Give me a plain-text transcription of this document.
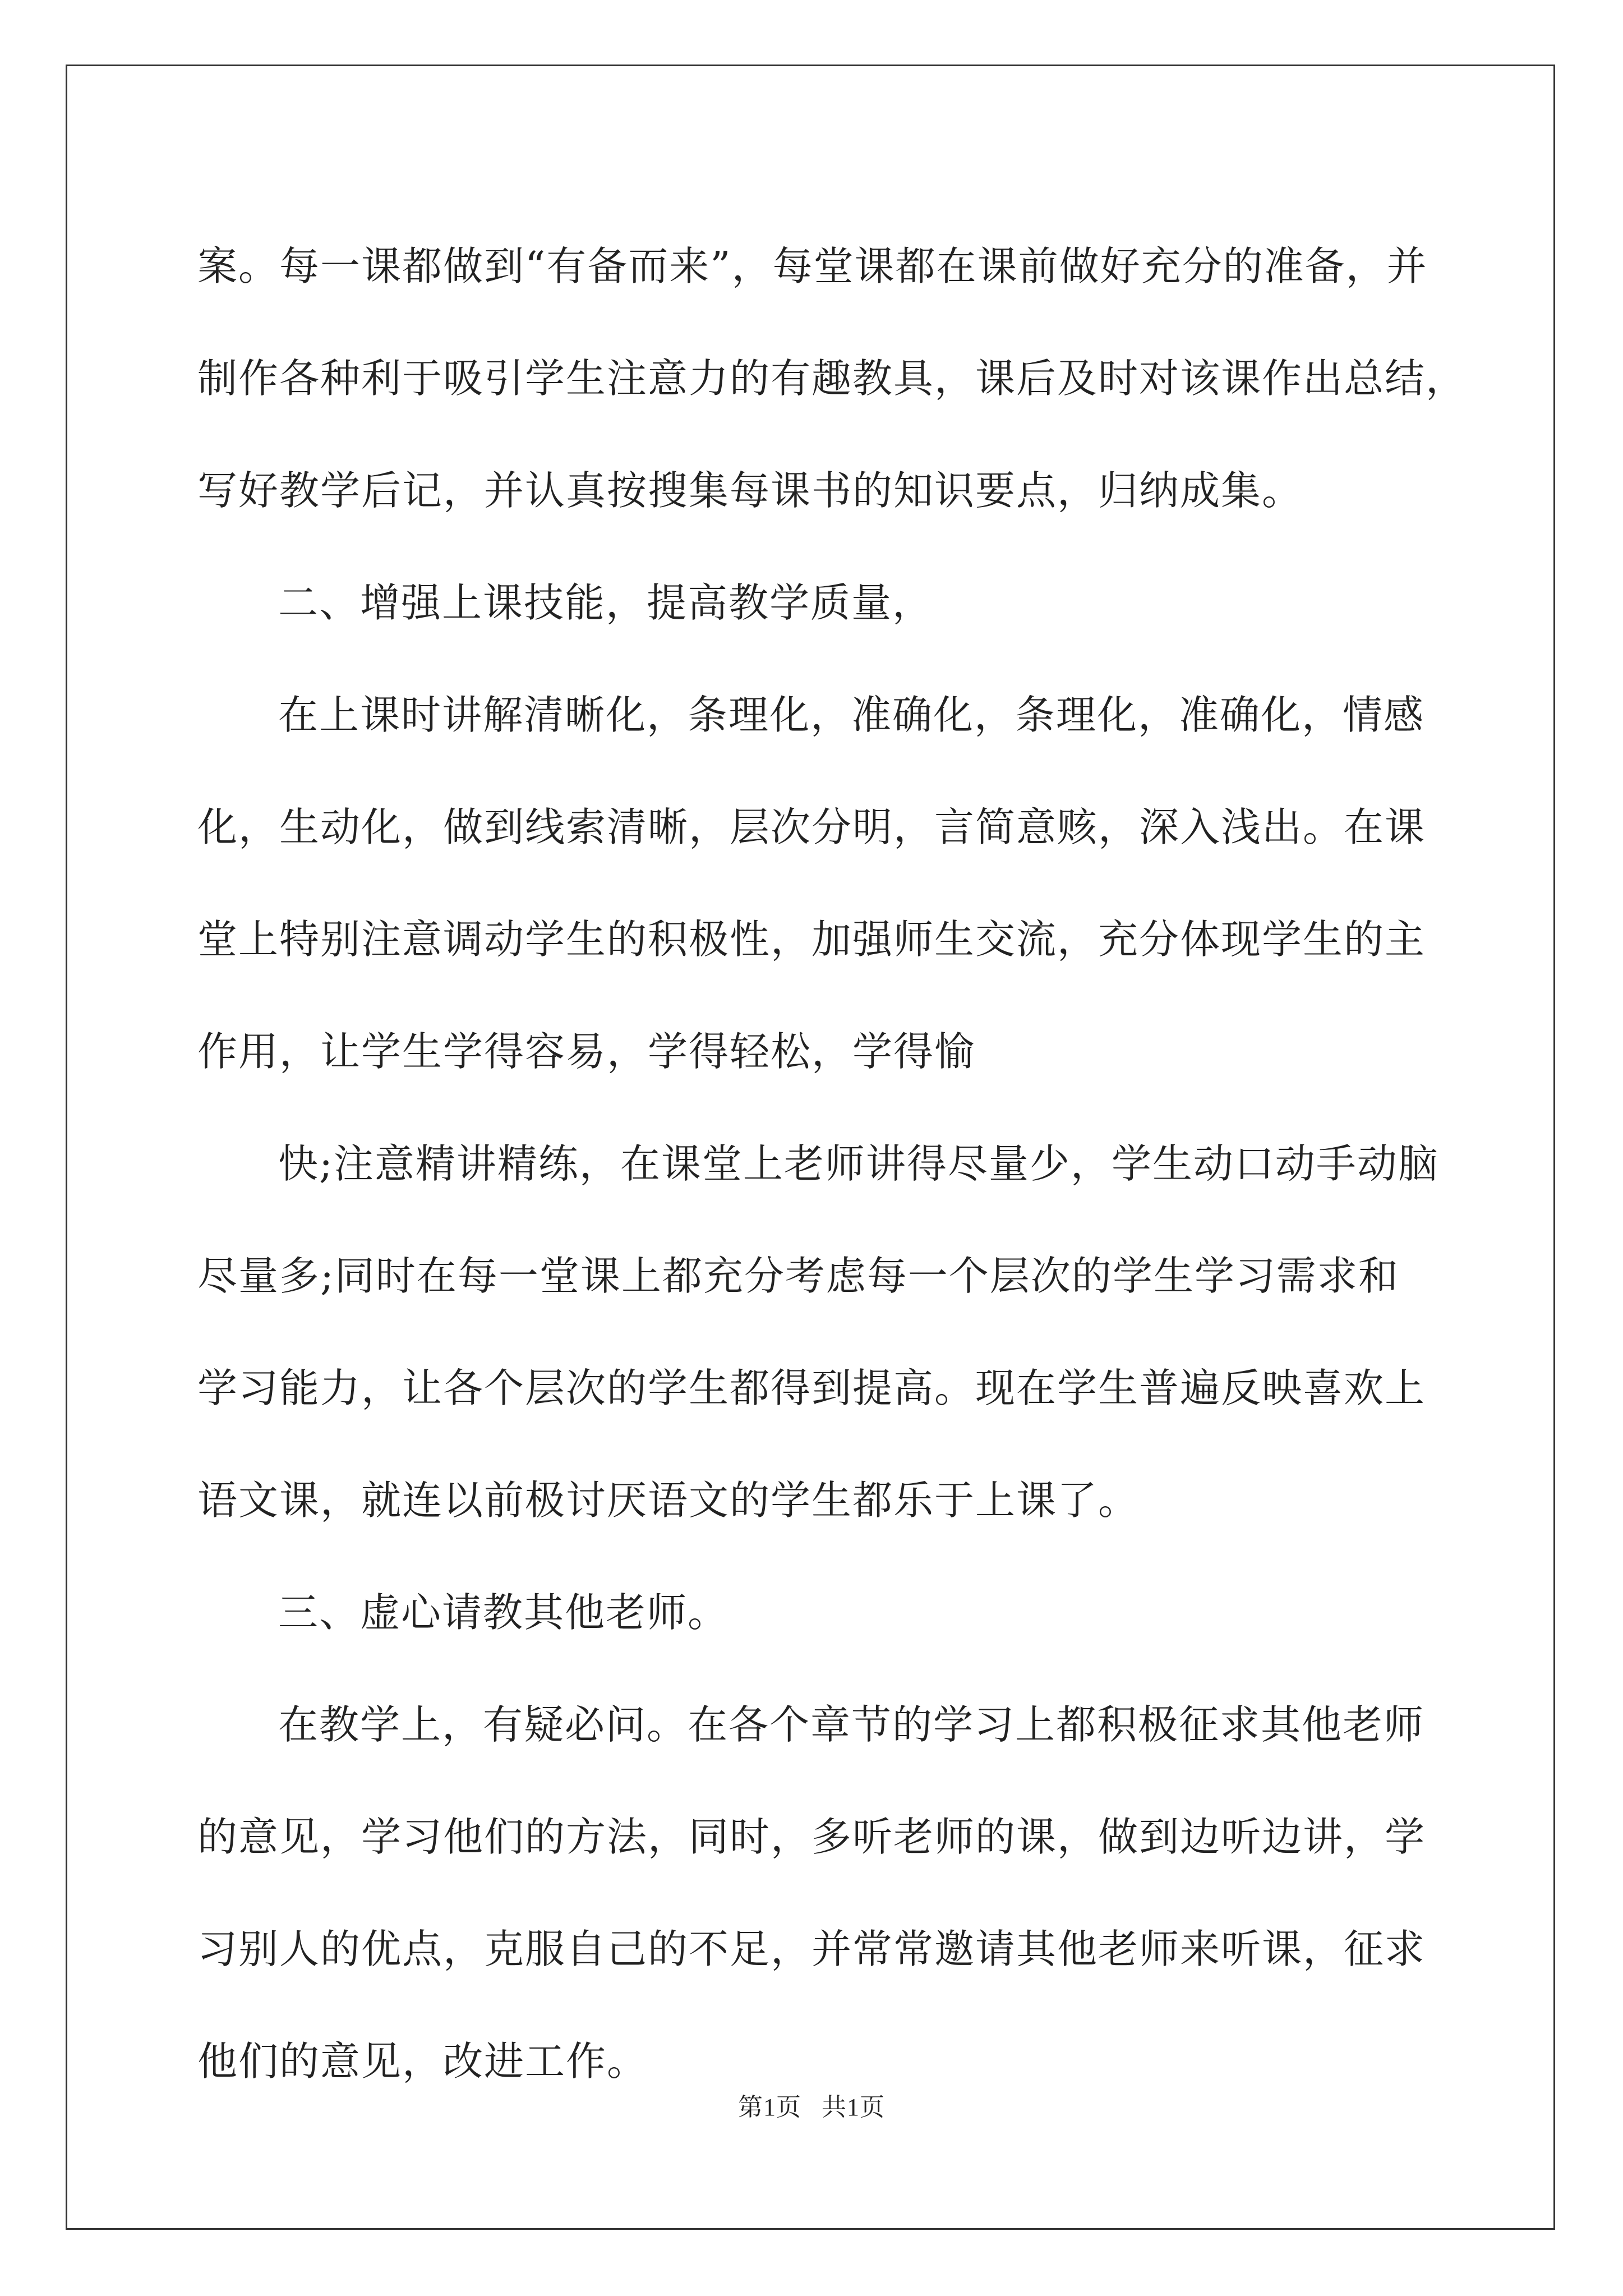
案。每一课都做到“有备而来”，每堂课都在课前做好充分的准备，并
制作各种利于吸引学生注意力的有趣教具，课后及时对该课作出总结，
写好教学后记，并认真按搜集每课书的知识要点，归纳成集。
二、增强上课技能，提高教学质量，
在上课时讲解清晰化，条理化，准确化，条理化，准确化，情感
化，生动化，做到线索清晰，层次分明，言简意赅，深入浅出。在课
堂上特别注意调动学生的积极性，加强师生交流，充分体现学生的主
作用，让学生学得容易，学得轻松，学得愉
快;注意精讲精练，在课堂上老师讲得尽量少，学生动口动手动脑
尽量多;同时在每一堂课上都充分考虑每一个层次的学生学习需求和
学习能力，让各个层次的学生都得到提高。现在学生普遍反映喜欢上
语文课，就连以前极讨厌语文的学生都乐于上课了。
三、虚心请教其他老师。
在教学上，有疑必问。在各个章节的学习上都积极征求其他老师
的意见，学习他们的方法，同时，多听老师的课，做到边听边讲，学
习别人的优点，克服自己的不足，并常常邀请其他老师来听课，征求
他们的意见，改进工作。
第1页 共1页
